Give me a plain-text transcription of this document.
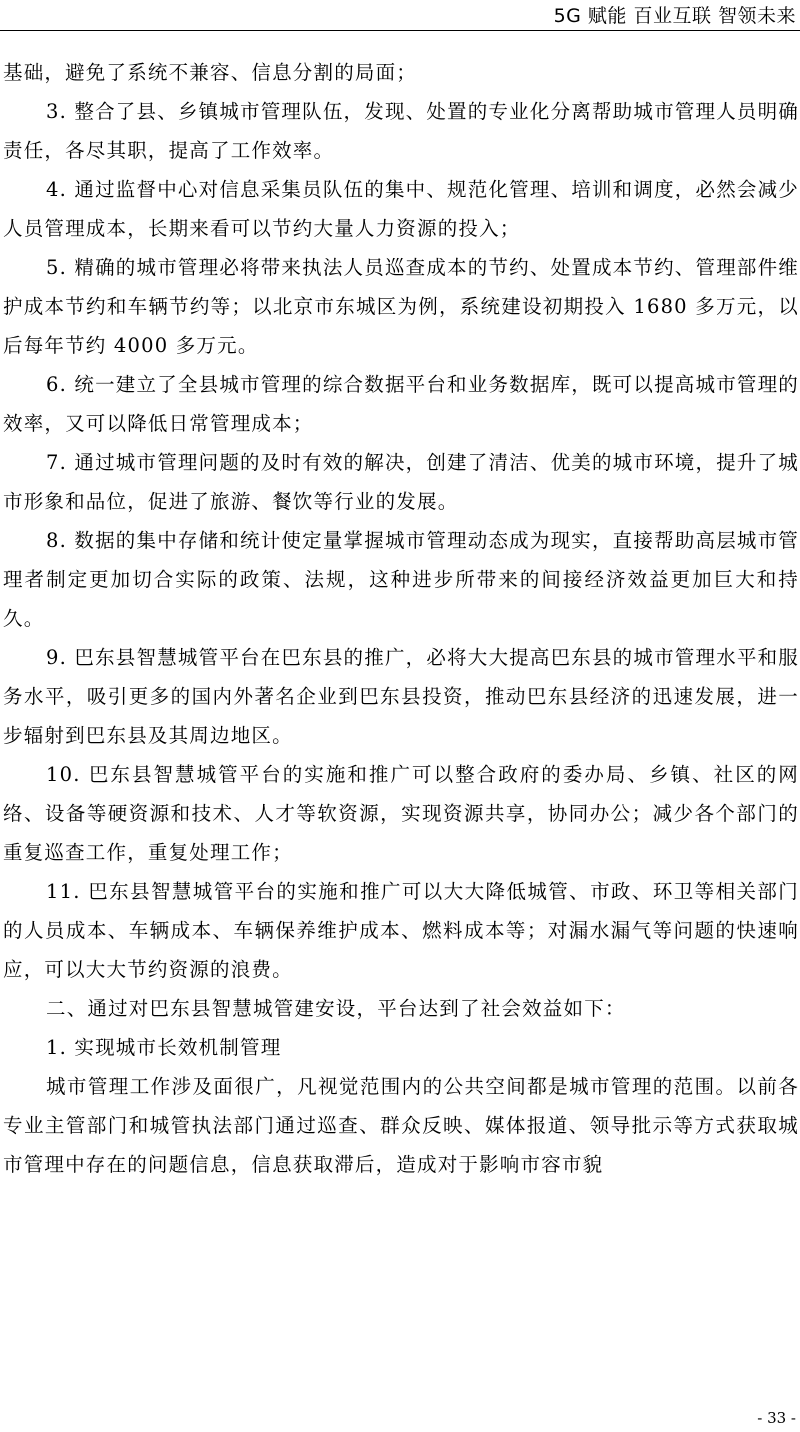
5G 赋能 百业互联 智领未来

基础，避免了系统不兼容、信息分割的局面；

3. 整合了县、乡镇城市管理队伍，发现、处置的专业化分离帮助城市管理人员明确责任，各尽其职，提高了工作效率。

4. 通过监督中心对信息采集员队伍的集中、规范化管理、培训和调度，必然会减少人员管理成本，长期来看可以节约大量人力资源的投入；

5. 精确的城市管理必将带来执法人员巡查成本的节约、处置成本节约、管理部件维护成本节约和车辆节约等；以北京市东城区为例，系统建设初期投入 1680 多万元，以后每年节约 4000 多万元。

6. 统一建立了全县城市管理的综合数据平台和业务数据库，既可以提高城市管理的效率，又可以降低日常管理成本；

7. 通过城市管理问题的及时有效的解决，创建了清洁、优美的城市环境，提升了城市形象和品位，促进了旅游、餐饮等行业的发展。

8. 数据的集中存储和统计使定量掌握城市管理动态成为现实，直接帮助高层城市管理者制定更加切合实际的政策、法规，这种进步所带来的间接经济效益更加巨大和持久。

9. 巴东县智慧城管平台在巴东县的推广，必将大大提高巴东县的城市管理水平和服务水平，吸引更多的国内外著名企业到巴东县投资，推动巴东县经济的迅速发展，进一步辐射到巴东县及其周边地区。

10. 巴东县智慧城管平台的实施和推广可以整合政府的委办局、乡镇、社区的网络、设备等硬资源和技术、人才等软资源，实现资源共享，协同办公；减少各个部门的重复巡查工作，重复处理工作；

11. 巴东县智慧城管平台的实施和推广可以大大降低城管、市政、环卫等相关部门的人员成本、车辆成本、车辆保养维护成本、燃料成本等；对漏水漏气等问题的快速响应，可以大大节约资源的浪费。

二、通过对巴东县智慧城管建安设，平台达到了社会效益如下：

1. 实现城市长效机制管理

城市管理工作涉及面很广，凡视觉范围内的公共空间都是城市管理的范围。以前各专业主管部门和城管执法部门通过巡查、群众反映、媒体报道、领导批示等方式获取城市管理中存在的问题信息，信息获取滞后，造成对于影响市容市貌

- 33 -
